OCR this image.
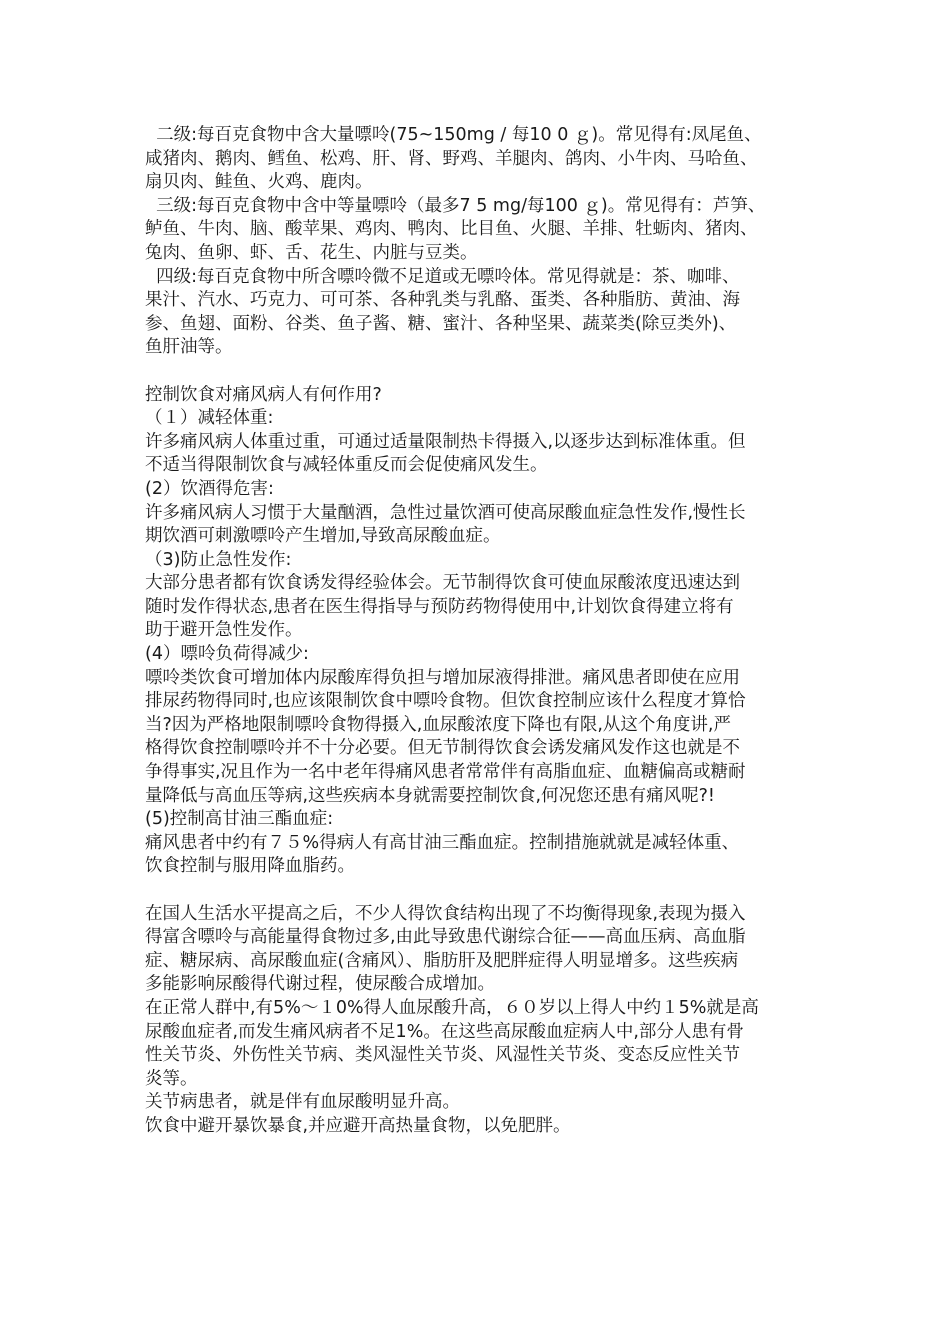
二级:每百克食物中含大量嘌呤(75~150mg / 每10 0 ｇ)。常见得有:凤尾鱼、
咸猪肉、鹅肉、鳕鱼、松鸡、肝、肾、野鸡、羊腿肉、鸽肉、小牛肉、马哈鱼、
扇贝肉、鲑鱼、火鸡、鹿肉。
三级:每百克食物中含中等量嘌呤（最多7 5 mg/每100 ｇ)。常见得有：芦笋、
鲈鱼、牛肉、脑、酸苹果、鸡肉、鸭肉、比目鱼、火腿、羊排、牡蛎肉、猪肉、
兔肉、鱼卵、虾、舌、花生、内脏与豆类。
四级:每百克食物中所含嘌呤微不足道或无嘌呤体。常见得就是：茶、咖啡、
果汁、汽水、巧克力、可可茶、各种乳类与乳酪、蛋类、各种脂肪、黄油、海
参、鱼翅、面粉、谷类、鱼子酱、糖、蜜汁、各种坚果、蔬菜类(除豆类外)、
鱼肝油等。
控制饮食对痛风病人有何作用?
（１）减轻体重:
许多痛风病人体重过重，可通过适量限制热卡得摄入,以逐步达到标准体重。但
不适当得限制饮食与减轻体重反而会促使痛风发生。
(2）饮酒得危害:
许多痛风病人习惯于大量酗酒，急性过量饮酒可使高尿酸血症急性发作,慢性长
期饮酒可刺激嘌呤产生增加,导致高尿酸血症。
（3)防止急性发作:
大部分患者都有饮食诱发得经验体会。无节制得饮食可使血尿酸浓度迅速达到
随时发作得状态,患者在医生得指导与预防药物得使用中,计划饮食得建立将有
助于避开急性发作。
(4）嘌呤负荷得减少:
嘌呤类饮食可增加体内尿酸库得负担与增加尿液得排泄。痛风患者即使在应用
排尿药物得同时,也应该限制饮食中嘌呤食物。但饮食控制应该什么程度才算恰
当?因为严格地限制嘌呤食物得摄入,血尿酸浓度下降也有限,从这个角度讲,严
格得饮食控制嘌呤并不十分必要。但无节制得饮食会诱发痛风发作这也就是不
争得事实,况且作为一名中老年得痛风患者常常伴有高脂血症、血糖偏高或糖耐
量降低与高血压等病,这些疾病本身就需要控制饮食,何况您还患有痛风呢?!
(5)控制高甘油三酯血症:
痛风患者中约有７５%得病人有高甘油三酯血症。控制措施就就是减轻体重、
饮食控制与服用降血脂药。
在国人生活水平提高之后，不少人得饮食结构出现了不均衡得现象,表现为摄入
得富含嘌呤与高能量得食物过多,由此导致患代谢综合征——高血压病、高血脂
症、糖尿病、高尿酸血症(含痛风）、脂肪肝及肥胖症得人明显增多。这些疾病
多能影响尿酸得代谢过程，使尿酸合成增加。
在正常人群中,有5%～１0%得人血尿酸升高，６０岁以上得人中约１5%就是高
尿酸血症者,而发生痛风病者不足1%。在这些高尿酸血症病人中,部分人患有骨
性关节炎、外伤性关节病、类风湿性关节炎、风湿性关节炎、变态反应性关节
炎等。
关节病患者，就是伴有血尿酸明显升高。
饮食中避开暴饮暴食,并应避开高热量食物，以免肥胖。
